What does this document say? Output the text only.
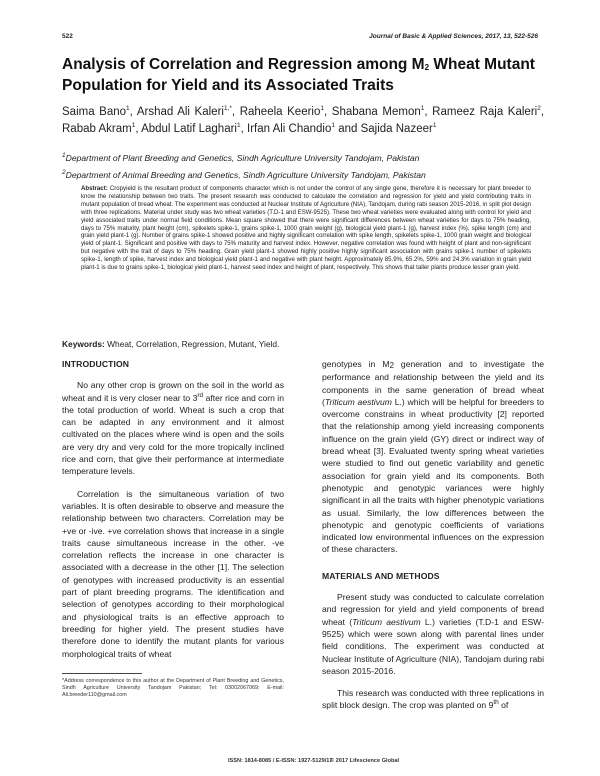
522	Journal of Basic & Applied Sciences, 2017, 13, 522-526
Analysis of Correlation and Regression among $M_2$ Wheat Mutant Population for Yield and its Associated Traits
Saima Bano$^1$, Arshad Ali Kaleri$^{1,*}$, Raheela Keerio$^1$, Shabana Memon$^1$, Rameez Raja Kaleri$^2$, Rabab Akram$^1$, Abdul Latif Laghari$^1$, Irfan Ali Chandio$^1$ and Sajida Nazeer$^1$
$^1$Department of Plant Breeding and Genetics, Sindh Agriculture University Tandojam, Pakistan
$^2$Department of Animal Breeding and Genetics, Sindh Agriculture University Tandojam, Pakistan
Abstract: Cropyield is the resultant product of components character which is not under the control of any single gene, therefore it is necessary for plant breeder to know the relationship between two traits. The present research was conducted to calculate the correlation and regression for yield and yield contributing traits in mutant population of bread wheat. The experiment was conducted at Nuclear Institute of Agriculture (NIA), Tandojam, during rabi season 2015-2016, in split plot design with three replications. Material under study was two wheat varieties (T.D-1 and ESW-9525). These two wheat varieties were evaluated along with control for yield and yield associated traits under normal field conditions. Mean square showed that there were significant differences between wheat varieties for days to 75% heading, days to 75% maturity, plant height (cm), spikelets spike-1, grains spike-1, 1000 grain weight (g), biological yield plant-1 (g), harvest index (%), spike length (cm) and grain yield plant-1 (g). Number of grains spike-1 showed positive and highly significant correlation with spike length, spikelets spike-1, 1000 grain weight and biological yield of plant-1. Significant and positive with days to 75% maturity and harvest index. However, negative correlation was found with height of plant and non-significant but negative with the trait of days to 75% heading. Grain yield plant-1 showed highly positive highly significant association with grains spike-1 number of spikelets spike-1, length of spike, harvest index and biological yield plant-1 and negative with plant height. Approximately 85.9%, 65.2%, 59% and 24.3% variation in grain yield plant-1 is due to grains spike-1, biological yield plant-1, harvest seed index and height of plant, respectively. This shows that taller plants produce lesser grain yield.
Keywords: Wheat, Correlation, Regression, Mutant, Yield.
INTRODUCTION

No any other crop is grown on the soil in the world as wheat and it is very closer near to 3rd after rice and corn in the total production of world. Wheat is such a crop that can be adapted in any environment and it almost cultivated on the places where wind is open and the soils are very dry and very cold for the more tropically inclined rice and corn, that give their performance at intermediate temperature levels.

Correlation is the simultaneous variation of two variables. It is often desirable to observe and measure the relationship between two characters. Correlation may be +ve or -ive. +ve correlation shows that increase in a single traits cause simultaneous increase in the other. -ve correlation reflects the increase in one character is associated with a decrease in the other [1]. The selection of genotypes with increased productivity is an essential part of plant breeding programs. The identification and selection of genotypes according to their morphological and physiological traits is an effective approach to breeding for higher yield. The present studies have therefore done to identify the mutant plants for various morphological traits of wheat

genotypes in $M_2$ generation and to investigate the performance and relationship between the yield and its components in the same generation of bread wheat (Triticum aestivum L.) which will be helpful for breeders to overcome constrains in wheat productivity [2] reported that the relationship among yield increasing components influence on the grain yield (GY) direct or indirect way of bread wheat [3]. Evaluated twenty spring wheat varieties were studied to find out genetic variability and genetic association for grain yield and its components. Both phenotypic and genotypic variances were highly significant in all the traits with higher phenotypic variations as usual. Similarly, the low differences between the phenotypic and genotypic coefficients of variations indicated low environmental influences on the expression of these characters.

MATERIALS AND METHODS

Present study was conducted to calculate correlation and regression for yield and yield components of bread wheat (Triticum aestivum L.) varieties (T.D-1 and ESW-9525) which were sown along with parental lines under field conditions. The experiment was conducted at Nuclear Institute of Agriculture (NIA), Tandojam during rabi season 2015-2016.

This research was conducted with three replications in split block design. The crop was planted on 9th of

*Address correspondence to this author at the Department of Plant Breeding and Genetics, Sindh Agriculture University Tandojam Pakistan; Tel: 03002067069; E-mail: Ali.breeder110@gmail.com
ISSN: 1814-8085 / E-ISSN: 1927-5129/17
© 2017 Lifescience Global
